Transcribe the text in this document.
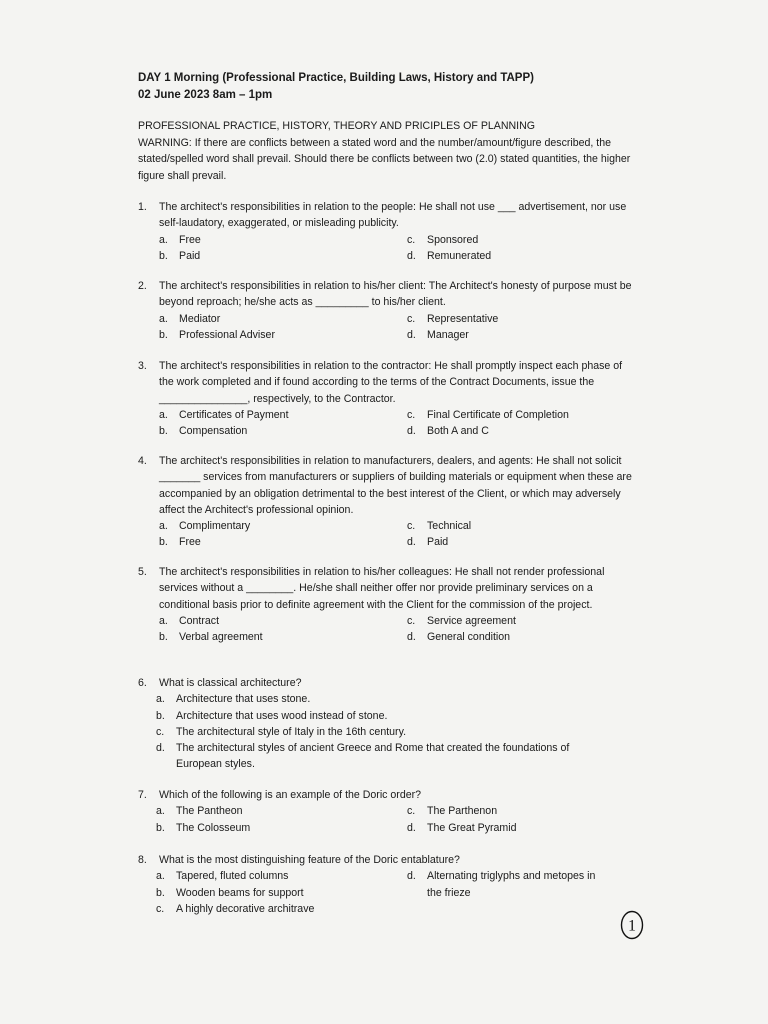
DAY 1 Morning (Professional Practice, Building Laws, History and TAPP)
02 June 2023 8am – 1pm
PROFESSIONAL PRACTICE, HISTORY, THEORY AND PRICIPLES OF PLANNING
WARNING: If there are conflicts between a stated word and the number/amount/figure described, the stated/spelled word shall prevail. Should there be conflicts between two (2.0) stated quantities, the higher figure shall prevail.
1.	The architect's responsibilities in relation to the people: He shall not use ___ advertisement, nor use self-laudatory, exaggerated, or misleading publicity.
a.	Free	c.	Sponsored
b.	Paid	d.	Remunerated
2.	The architect's responsibilities in relation to his/her client: The Architect's honesty of purpose must be beyond reproach; he/she acts as _________ to his/her client.
a.	Mediator	c.	Representative
b.	Professional Adviser	d.	Manager
3.	The architect's responsibilities in relation to the contractor: He shall promptly inspect each phase of the work completed and if found according to the terms of the Contract Documents, issue the _______________, respectively, to the Contractor.
a.	Certificates of Payment	c.	Final Certificate of Completion
b.	Compensation	d.	Both A and C
4.	The architect's responsibilities in relation to manufacturers, dealers, and agents: He shall not solicit _______ services from manufacturers or suppliers of building materials or equipment when these are accompanied by an obligation detrimental to the best interest of the Client, or which may adversely affect the Architect's professional opinion.
a.	Complimentary	c.	Technical
b.	Free	d.	Paid
5.	The architect's responsibilities in relation to his/her colleagues: He shall not render professional services without a ________. He/she shall neither offer nor provide preliminary services on a conditional basis prior to definite agreement with the Client for the commission of the project.
a.	Contract	c.	Service agreement
b.	Verbal agreement	d.	General condition
6.	What is classical architecture?
a.	Architecture that uses stone.
b.	Architecture that uses wood instead of stone.
c.	The architectural style of Italy in the 16th century.
d.	The architectural styles of ancient Greece and Rome that created the foundations of European styles.
7.	Which of the following is an example of the Doric order?
a.	The Pantheon	c.	The Parthenon
b.	The Colosseum	d.	The Great Pyramid
8.	What is the most distinguishing feature of the Doric entablature?
a.	Tapered, fluted columns
b.	Wooden beams for support
c.	A highly decorative architrave
d.	Alternating triglyphs and metopes in the frieze
1
